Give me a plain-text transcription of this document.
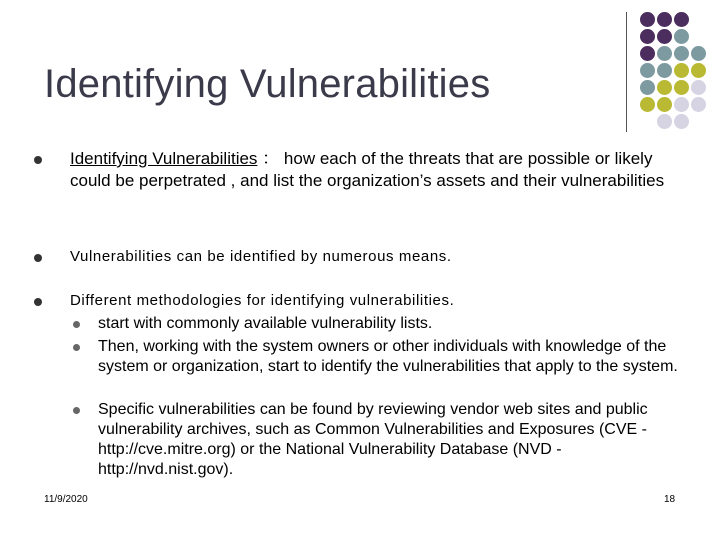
Identifying Vulnerabilities
Identifying Vulnerabilities ： how each of the threats that are possible or likely could be perpetrated , and list the organization’s assets and their vulnerabilities
Vulnerabilities can be identified by numerous means.
Different methodologies for identifying vulnerabilities.
start with commonly available vulnerability lists.
Then, working with the system owners or other individuals with knowledge of the system or organization, start to identify the vulnerabilities that apply to the system.
Specific vulnerabilities can be found by reviewing vendor web sites and public vulnerability archives, such as Common Vulnerabilities and Exposures (CVE - http://cve.mitre.org) or the National Vulnerability Database (NVD - http://nvd.nist.gov).
11/9/2020	18
